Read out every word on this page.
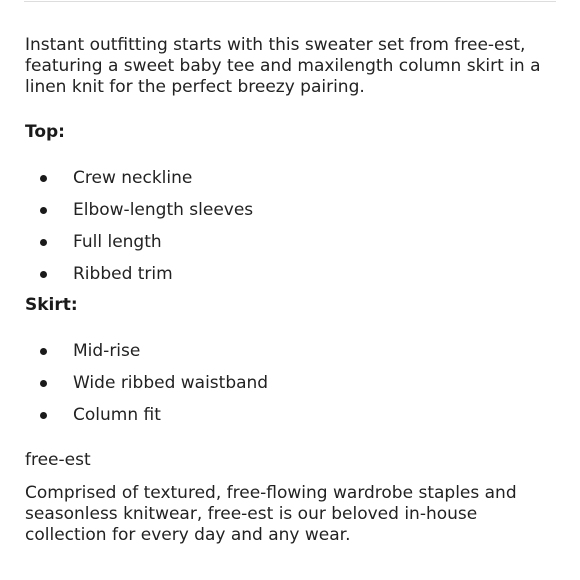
Instant outfitting starts with this sweater set from free-est, featuring a sweet baby tee and maxilength column skirt in a linen knit for the perfect breezy pairing.

Top:

Crew neckline
Elbow-length sleeves
Full length
Ribbed trim

Skirt:

Mid-rise
Wide ribbed waistband
Column fit

free-est

Comprised of textured, free-flowing wardrobe staples and seasonless knitwear, free-est is our beloved in-house collection for every day and any wear.
